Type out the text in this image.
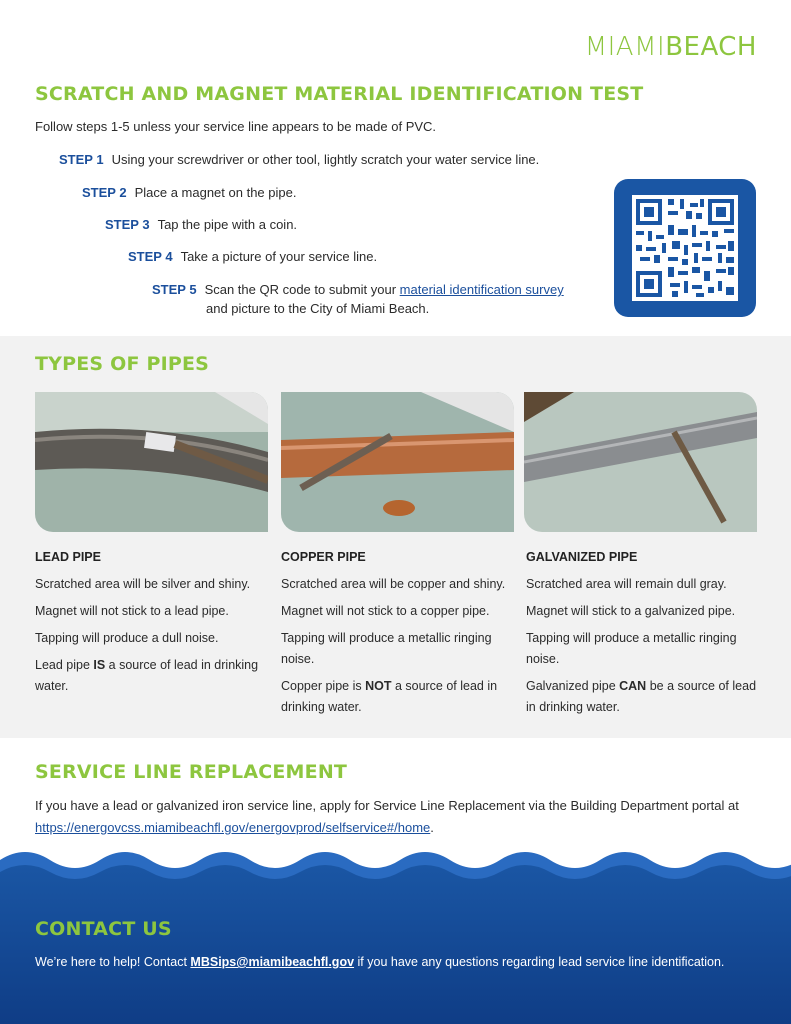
MIAMIBEACH
SCRATCH AND MAGNET MATERIAL IDENTIFICATION TEST
Follow steps 1-5 unless your service line appears to be made of PVC.
STEP 1 Using your screwdriver or other tool, lightly scratch your water service line.
STEP 2 Place a magnet on the pipe.
STEP 3 Tap the pipe with a coin.
STEP 4 Take a picture of your service line.
STEP 5 Scan the QR code to submit your material identification survey
and picture to the City of Miami Beach.
TYPES OF PIPES
LEAD PIPE

Scratched area will be silver and shiny.

Magnet will not stick to a lead pipe.

Tapping will produce a dull noise.

Lead pipe IS a source of lead in drinking water.

COPPER PIPE

Scratched area will be copper and shiny.

Magnet will not stick to a copper pipe.

Tapping will produce a metallic ringing noise.

Copper pipe is NOT a source of lead in drinking water.

GALVANIZED PIPE

Scratched area will remain dull gray.

Magnet will stick to a galvanized pipe.

Tapping will produce a metallic ringing noise.

Galvanized pipe CAN be a source of lead in drinking water.

SERVICE LINE REPLACEMENT
If you have a lead or galvanized iron service line, apply for Service Line Replacement via the Building Department portal at
https://energovcss.miamibeachfl.gov/energovprod/selfservice#/home.
CONTACT US
We’re here to help! Contact MBSips@miamibeachfl.gov if you have any questions regarding lead service line identification.
